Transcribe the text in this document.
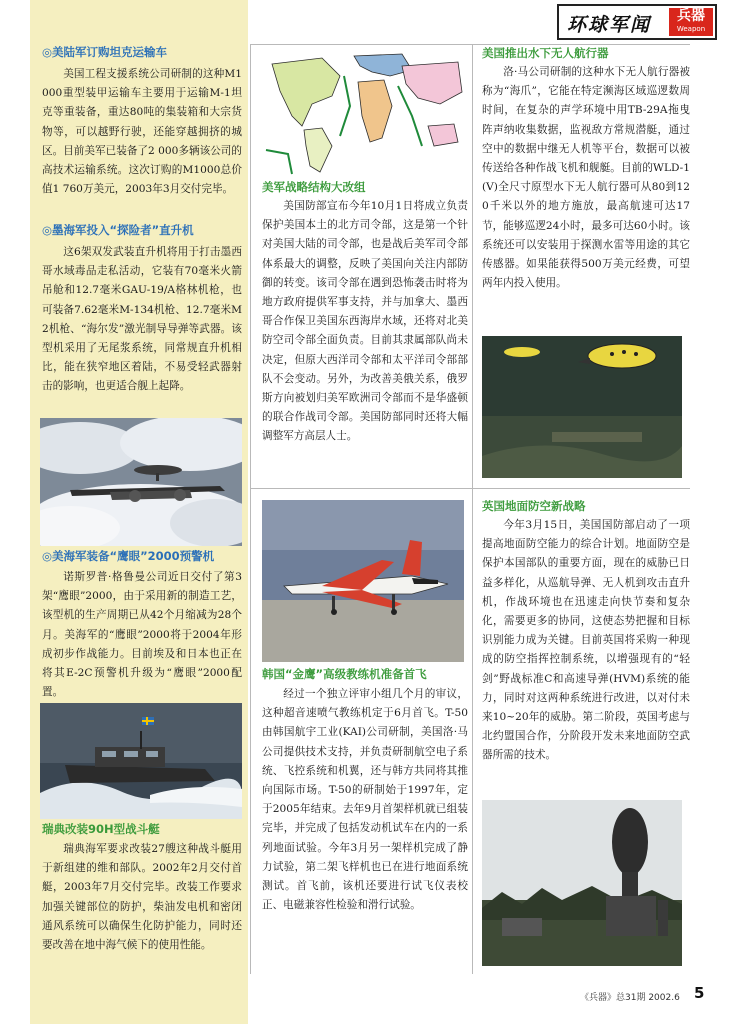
◎美陆军订购坦克运输车
美国工程支援系统公司研制的这种M1000重型装甲运输车主要用于运输M-1坦克等重装备，重达80吨的集装箱和大宗货物等，可以越野行驶，还能穿越拥挤的城区。目前美军已装备了2 000多辆该公司的高技术运输系统。这次订购的M1000总价值1 760万美元，2003年3月交付完毕。
◎墨海军投入“探险者”直升机
这6架双发武装直升机将用于打击墨西哥水域毒品走私活动，它装有70毫米火箭吊舱和12.7毫米GAU-19/A格林机枪，也可装备7.62毫米M-134机枪、12.7毫米M2机枪、“海尔发”激光制导导弹等武器。该型机采用了无尾浆系统，同常规直升机相比，能在狭窄地区着陆，不易受轻武器射击的影响，也更适合舰上起降。
◎美海军装备“鹰眼”2000预警机
诺斯罗普·格鲁曼公司近日交付了第3架“鹰眼”2000，由于采用新的制造工艺，该型机的生产周期已从42个月缩减为28个月。美海军的“鹰眼”2000将于2004年形成初步作战能力。目前埃及和日本也正在将其E-2C预警机升级为“鹰眼”2000配置。
瑞典改装90H型战斗艇
瑞典海军要求改装27艘这种战斗艇用于新组建的维和部队。2002年2月交付首艇，2003年7月交付完毕。改装工作要求加强关键部位的防护，柴油发电机和密闭通风系统可以确保生化防护能力，同时还要改善在地中海气候下的使用性能。
环球军闻	兵器
Weapon
美军战略结构大改组
美国防部宣布今年10月1日将成立负责保护美国本土的北方司令部，这是第一个针对美国大陆的司令部，也是战后美军司令部体系最大的调整，反映了美国向关注内部防御的转变。该司令部在遇到恐怖袭击时将为地方政府提供军事支持，并与加拿大、墨西哥合作保卫美国东西海岸水域，还将对北美防空司令部全面负责。目前其隶属部队尚未决定，但原大西洋司令部和太平洋司令部部队不会变动。另外，为改善美俄关系，俄罗斯方向被划归美军欧洲司令部而不是华盛顿的联合作战司令部。美国防部同时还将大幅调整军方高层人士。
韩国“金鹰”高级教练机准备首飞
经过一个独立评审小组几个月的审议，这种超音速喷气教练机定于6月首飞。T-50由韩国航宇工业(KAI)公司研制，美国洛·马公司提供技术支持，并负责研制航空电子系统、飞控系统和机翼，还与韩方共同将其推向国际市场。T-50的研制始于1997年，定于2005年结束。去年9月首架样机就已组装完毕，并完成了包括发动机试车在内的一系列地面试验。今年3月另一架样机完成了静力试验，第二架飞样机也已在进行地面系统测试。首飞前，该机还要进行试飞仪表校正、电磁兼容性检验和滑行试验。
美国推出水下无人航行器
洛·马公司研制的这种水下无人航行器被称为“海爪”，它能在特定濒海区域巡逻数周时间，在复杂的声学环境中用TB-29A拖曳阵声纳收集数据，监视敌方常规潜艇，通过空中的数据中继无人机等平台，数据可以被传送给各种作战飞机和舰艇。目前的WLD-1(V)全尺寸原型水下无人航行器可从80到120千米以外的地方施放，最高航速可达17节，能够巡逻24小时，最多可达60小时。该系统还可以安装用于探测水雷等用途的其它传感器。如果能获得500万美元经费，可望两年内投入使用。
英国地面防空新战略
今年3月15日，美国国防部启动了一项提高地面防空能力的综合计划。地面防空是保护本国部队的重要方面，现在的威胁已日益多样化，从巡航导弹、无人机到攻击直升机，作战环境也在迅速走向快节奏和复杂化，需要更多的协同，这使态势把握和目标识别能力成为关键。目前英国将采购一种现成的防空指挥控制系统，以增强现有的“轻剑”野战标准C和高速导弹(HVM)系统的能力，同时对这两种系统进行改进，以对付未来10~20年的威胁。第二阶段，英国考虑与北约盟国合作，分阶段开发未来地面防空武器所需的技术。
《兵器》总31期 2002.6 5
